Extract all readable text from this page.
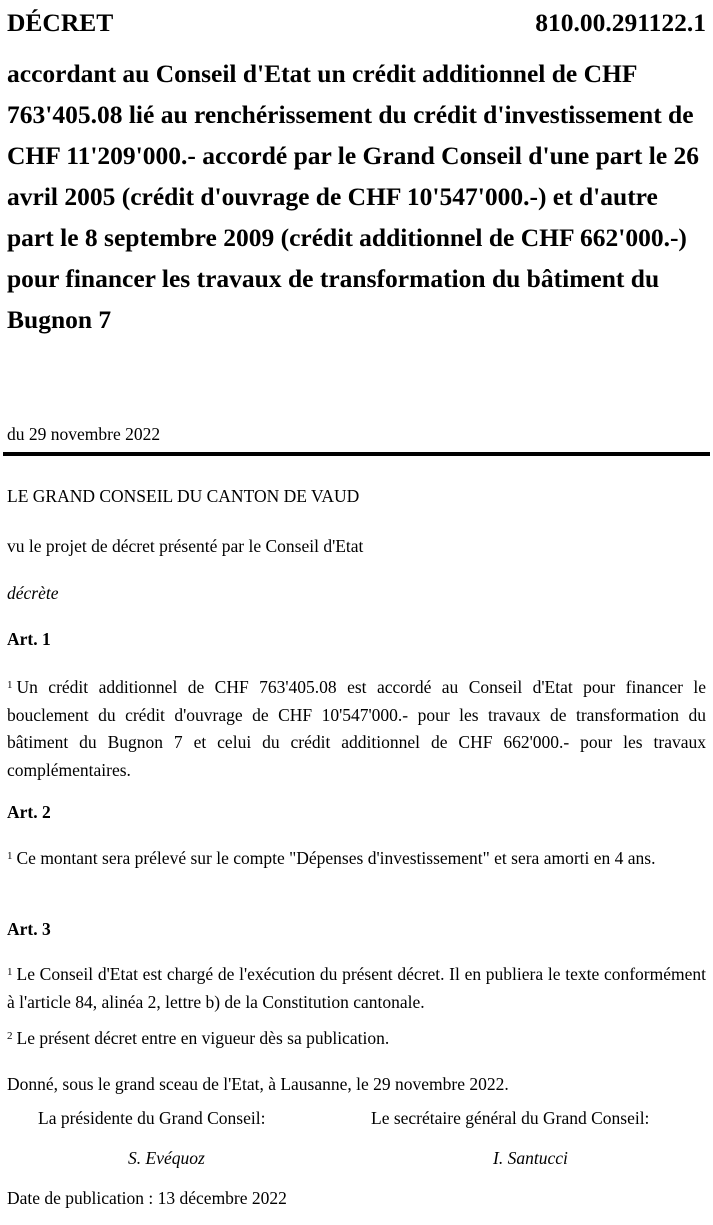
DÉCRET	810.00.291122.1

accordant au Conseil d'Etat un crédit additionnel de CHF 763'405.08 lié au renchérissement du crédit d'investissement de CHF 11'209'000.- accordé par le Grand Conseil d'une part le 26 avril 2005 (crédit d'ouvrage de CHF 10'547'000.-) et d'autre part le 8 septembre 2009 (crédit additionnel de CHF 662'000.-) pour financer les travaux de transformation du bâtiment du Bugnon 7

du 29 novembre 2022

LE GRAND CONSEIL DU CANTON DE VAUD

vu le projet de décret présenté par le Conseil d'Etat

décrète

Art. 1

$^1$ Un crédit additionnel de CHF 763'405.08 est accordé au Conseil d'Etat pour financer le bouclement du crédit d'ouvrage de CHF 10'547'000.- pour les travaux de transformation du bâtiment du Bugnon 7 et celui du crédit additionnel de CHF 662'000.- pour les travaux complémentaires.

Art. 2

$^1$ Ce montant sera prélevé sur le compte "Dépenses d'investissement" et sera amorti en 4 ans.

Art. 3

$^1$ Le Conseil d'Etat est chargé de l'exécution du présent décret. Il en publiera le texte conformément à l'article 84, alinéa 2, lettre b) de la Constitution cantonale.

$^2$ Le présent décret entre en vigueur dès sa publication.

Donné, sous le grand sceau de l'Etat, à Lausanne, le 29 novembre 2022.

La présidente du Grand Conseil:	Le secrétaire général du Grand Conseil:
S. Evéquoz	I. Santucci

Date de publication : 13 décembre 2022
